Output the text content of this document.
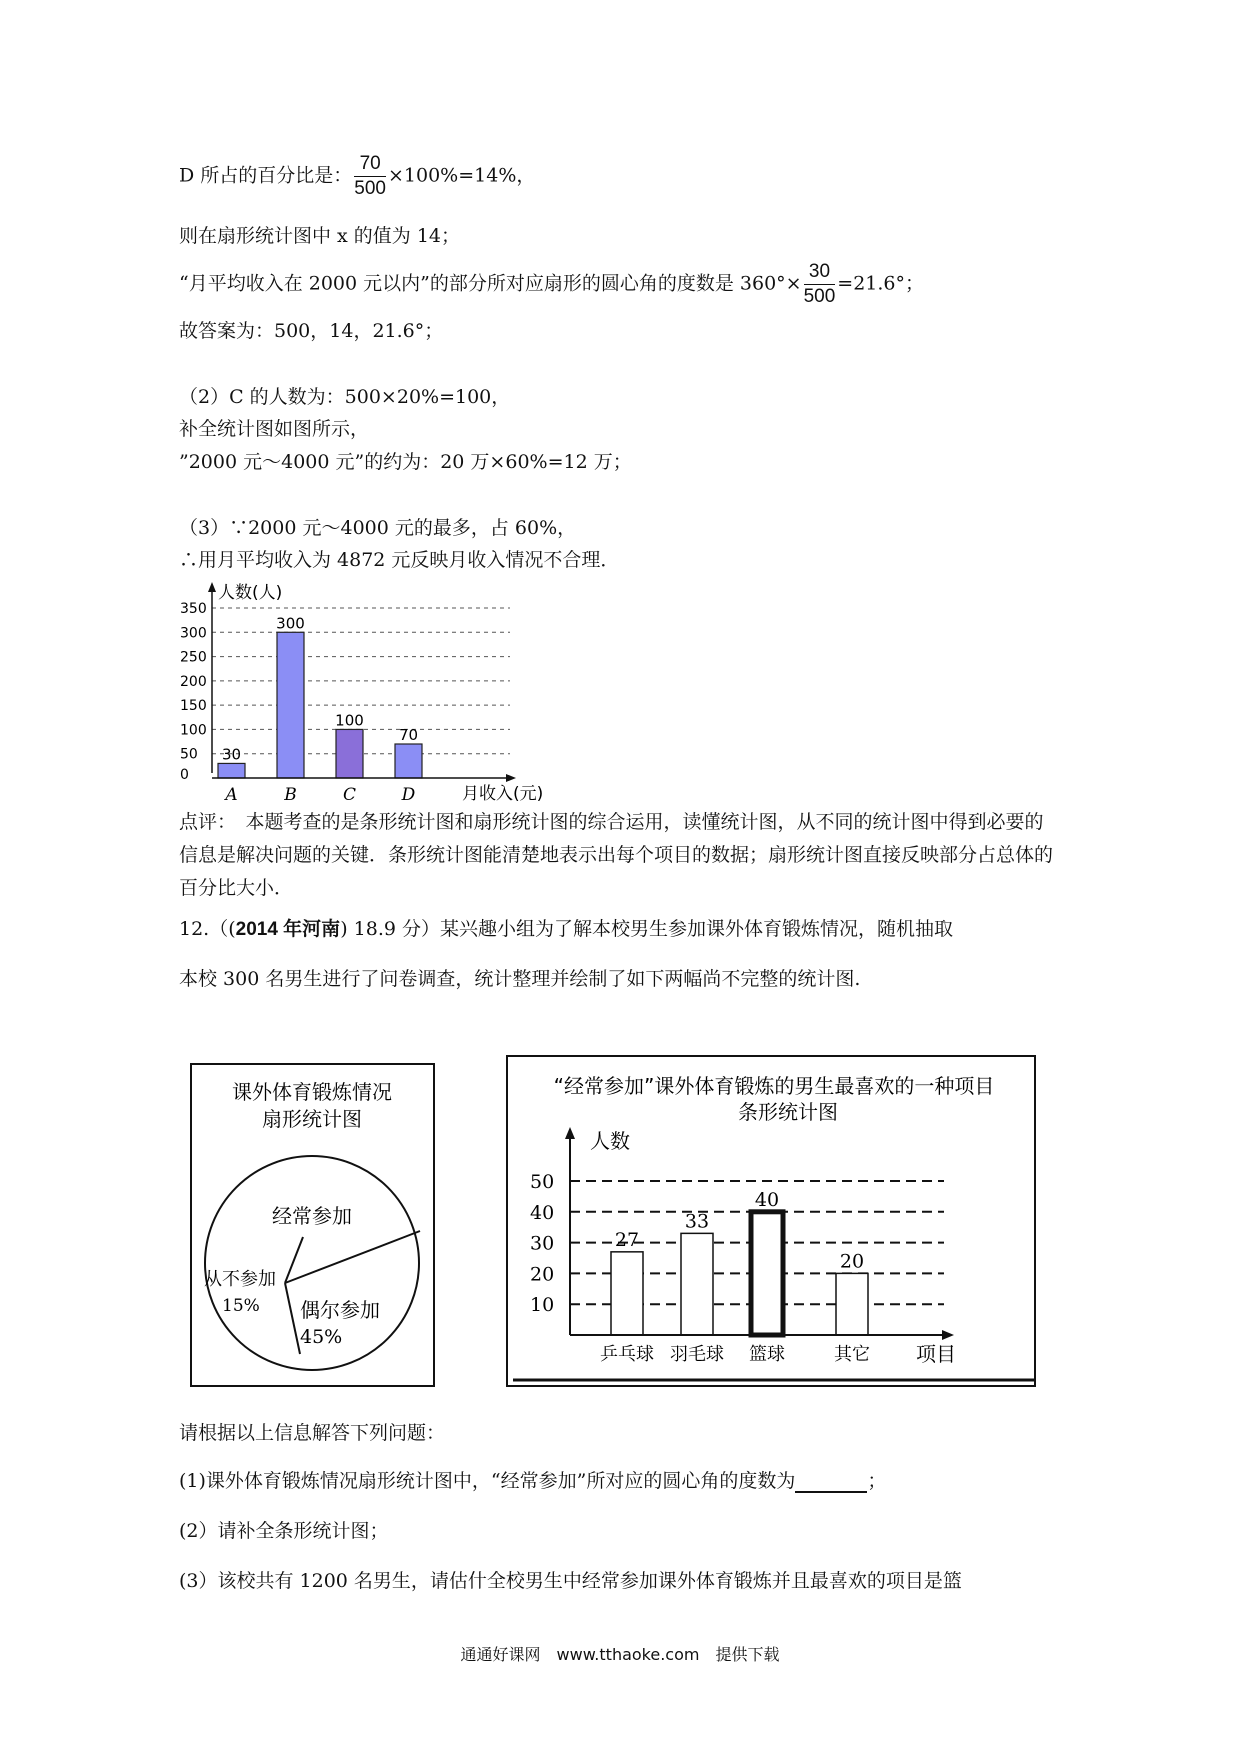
D 所占的百分比是： $\frac{70}{500} \times 100\%=14\%$，
则在扇形统计图中 x 的值为 14；
“月平均收入在 2000 元以内”的部分所对应扇形的圆心角的度数是 $360^\circ\times \frac{30}{500} =21.6^\circ$；
故答案为：500，14，21.6°；
（2）C 的人数为：500×20%=100，
补全统计图如图所示，
”2000 元～4000 元”的约为：20 万×60%=12 万；
（3）∵2000 元～4000 元的最多，占 60%，
∴用月平均收入为 4872 元反映月收入情况不合理．
0
50
100
150
200
250
300
350
30
300
100
70
A	B	C	D
人数(人)
月收入(元)
点评：　本题考查的是条形统计图和扇形统计图的综合运用，读懂统计图，从不同的统计图中得到必要的信息是解决问题的关键．条形统计图能清楚地表示出每个项目的数据；扇形统计图直接反映部分占总体的百分比大小．
12.（(2014 年河南) 18.9 分）某兴趣小组为了解本校男生参加课外体育锻炼情况，随机抽取
本校 300 名男生进行了问卷调查，统计整理并绘制了如下两幅尚不完整的统计图.
课外体育锻炼情况
扇形统计图
经常参加
从不参加
15% 偶尔参加
45%
“经常参加”课外体育锻炼的男生最喜欢的一种项目
条形统计图
10
20
30
40
50
27
33
40
20
乒乓球 羽毛球 篮球	其它
人数
项目
请根据以上信息解答下列问题：
(1)课外体育锻炼情况扇形统计图中，“经常参加”所对应的圆心角的度数为	；
(2）请补全条形统计图；
(3）该校共有 1200 名男生，请估什全校男生中经常参加课外体育锻炼并且最喜欢的项目是篮
通通好课网 www.tthaoke.com 提供下载
